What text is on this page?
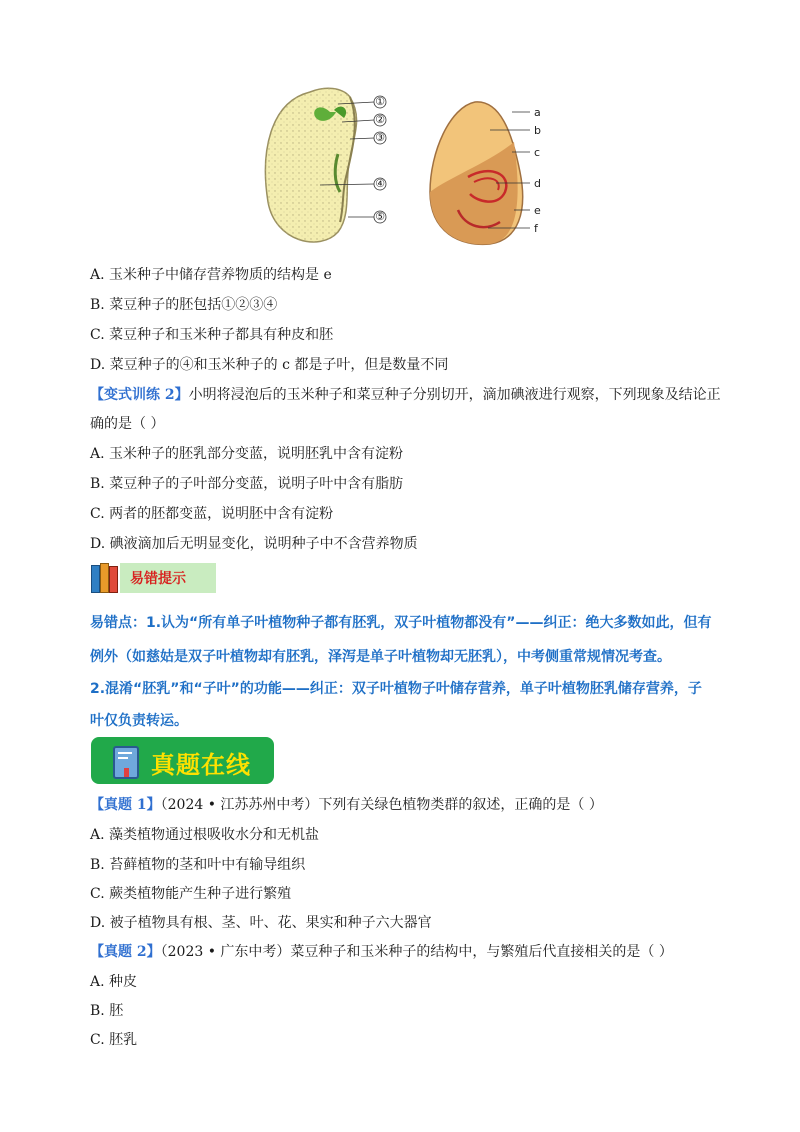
①
②
③
④
⑤
a
b
c
d
e
f
A. 玉米种子中储存营养物质的结构是 e
B. 菜豆种子的胚包括①②③④
C. 菜豆种子和玉米种子都具有种皮和胚
D. 菜豆种子的④和玉米种子的 c 都是子叶，但是数量不同
【变式训练 2】小明将浸泡后的玉米种子和菜豆种子分别切开，滴加碘液进行观察，下列现象及结论正
确的是（ ）
A. 玉米种子的胚乳部分变蓝，说明胚乳中含有淀粉
B. 菜豆种子的子叶部分变蓝，说明子叶中含有脂肪
C. 两者的胚都变蓝，说明胚中含有淀粉
D. 碘液滴加后无明显变化，说明种子中不含营养物质
易错提示
易错点：1.认为“所有单子叶植物种子都有胚乳，双子叶植物都没有”——纠正：绝大多数如此，但有
例外（如慈姑是双子叶植物却有胚乳，泽泻是单子叶植物却无胚乳），中考侧重常规情况考查。
2.混淆“胚乳”和“子叶”的功能——纠正：双子叶植物子叶储存营养，单子叶植物胚乳储存营养，子
叶仅负责转运。
真题在线
【真题 1】（2024 • 江苏苏州中考）下列有关绿色植物类群的叙述，正确的是（ ）
A. 藻类植物通过根吸收水分和无机盐
B. 苔藓植物的茎和叶中有输导组织
C. 蕨类植物能产生种子进行繁殖
D. 被子植物具有根、茎、叶、花、果实和种子六大器官
【真题 2】（2023 • 广东中考）菜豆种子和玉米种子的结构中，与繁殖后代直接相关的是（ ）
A. 种皮
B. 胚
C. 胚乳
